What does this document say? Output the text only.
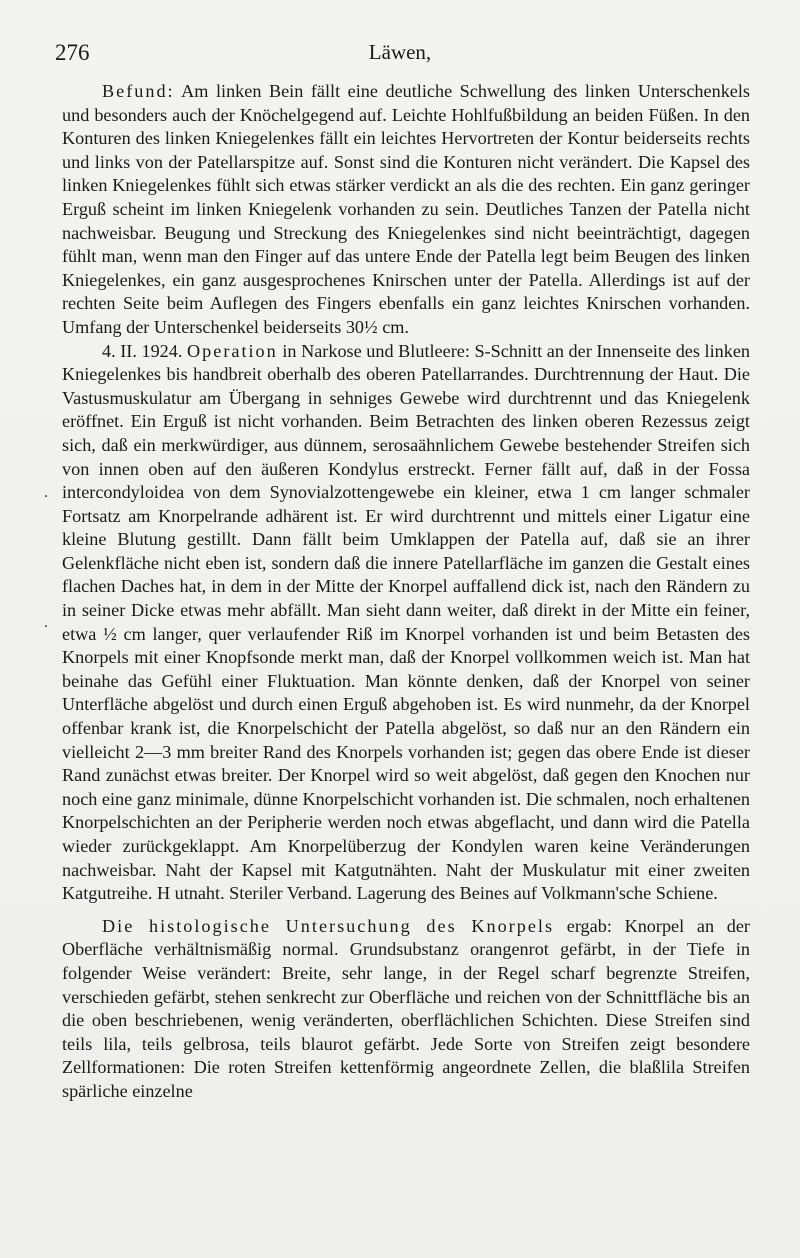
276	Läwen,

Befund: Am linken Bein fällt eine deutliche Schwellung des linken Unterschenkels und besonders auch der Knöchelgegend auf. Leichte Hohlfußbildung an beiden Füßen. In den Konturen des linken Kniegelenkes fällt ein leichtes Hervortreten der Kontur beiderseits rechts und links von der Patellarspitze auf. Sonst sind die Konturen nicht verändert. Die Kapsel des linken Kniegelenkes fühlt sich etwas stärker verdickt an als die des rechten. Ein ganz geringer Erguß scheint im linken Kniegelenk vorhanden zu sein. Deutliches Tanzen der Patella nicht nachweisbar. Beugung und Streckung des Kniegelenkes sind nicht beeinträchtigt, dagegen fühlt man, wenn man den Finger auf das untere Ende der Patella legt beim Beugen des linken Kniegelenkes, ein ganz ausgesprochenes Knirschen unter der Patella. Allerdings ist auf der rechten Seite beim Auflegen des Fingers ebenfalls ein ganz leichtes Knirschen vorhanden. Umfang der Unterschenkel beiderseits 30½ cm.

4. II. 1924. Operation in Narkose und Blutleere: S-Schnitt an der Innenseite des linken Kniegelenkes bis handbreit oberhalb des oberen Patellarrandes. Durchtrennung der Haut. Die Vastusmuskulatur am Übergang in sehniges Gewebe wird durchtrennt und das Kniegelenk eröffnet. Ein Erguß ist nicht vorhanden. Beim Betrachten des linken oberen Rezessus zeigt sich, daß ein merkwürdiger, aus dünnem, serosaähnlichem Gewebe bestehender Streifen sich von innen oben auf den äußeren Kondylus erstreckt. Ferner fällt auf, daß in der Fossa intercondyloidea von dem Synovialzottengewebe ein kleiner, etwa 1 cm langer schmaler Fortsatz am Knorpelrande adhärent ist. Er wird durchtrennt und mittels einer Ligatur eine kleine Blutung gestillt. Dann fällt beim Umklappen der Patella auf, daß sie an ihrer Gelenkfläche nicht eben ist, sondern daß die innere Patellarfläche im ganzen die Gestalt eines flachen Daches hat, in dem in der Mitte der Knorpel auffallend dick ist, nach den Rändern zu in seiner Dicke etwas mehr abfällt. Man sieht dann weiter, daß direkt in der Mitte ein feiner, etwa ½ cm langer, quer verlaufender Riß im Knorpel vorhanden ist und beim Betasten des Knorpels mit einer Knopfsonde merkt man, daß der Knorpel vollkommen weich ist. Man hat beinahe das Gefühl einer Fluktuation. Man könnte denken, daß der Knorpel von seiner Unterfläche abgelöst und durch einen Erguß abgehoben ist. Es wird nunmehr, da der Knorpel offenbar krank ist, die Knorpelschicht der Patella abgelöst, so daß nur an den Rändern ein vielleicht 2—3 mm breiter Rand des Knorpels vorhanden ist; gegen das obere Ende ist dieser Rand zunächst etwas breiter. Der Knorpel wird so weit abgelöst, daß gegen den Knochen nur noch eine ganz minimale, dünne Knorpelschicht vorhanden ist. Die schmalen, noch erhaltenen Knorpelschichten an der Peripherie werden noch etwas abgeflacht, und dann wird die Patella wieder zurückgeklappt. Am Knorpelüberzug der Kondylen waren keine Veränderungen nachweisbar. Naht der Kapsel mit Katgutnähten. Naht der Muskulatur mit einer zweiten Katgutreihe. H utnaht. Steriler Verband. Lagerung des Beines auf Volkmann'sche Schiene.

Die histologische Untersuchung des Knorpels ergab: Knorpel an der Oberfläche verhältnismäßig normal. Grundsubstanz orangenrot gefärbt, in der Tiefe in folgender Weise verändert: Breite, sehr lange, in der Regel scharf begrenzte Streifen, verschieden gefärbt, stehen senkrecht zur Oberfläche und reichen von der Schnittfläche bis an die oben beschriebenen, wenig veränderten, oberflächlichen Schichten. Diese Streifen sind teils lila, teils gelbrosa, teils blaurot gefärbt. Jede Sorte von Streifen zeigt besondere Zellformationen: Die roten Streifen kettenförmig angeordnete Zellen, die blaßlila Streifen spärliche einzelne

.
.
